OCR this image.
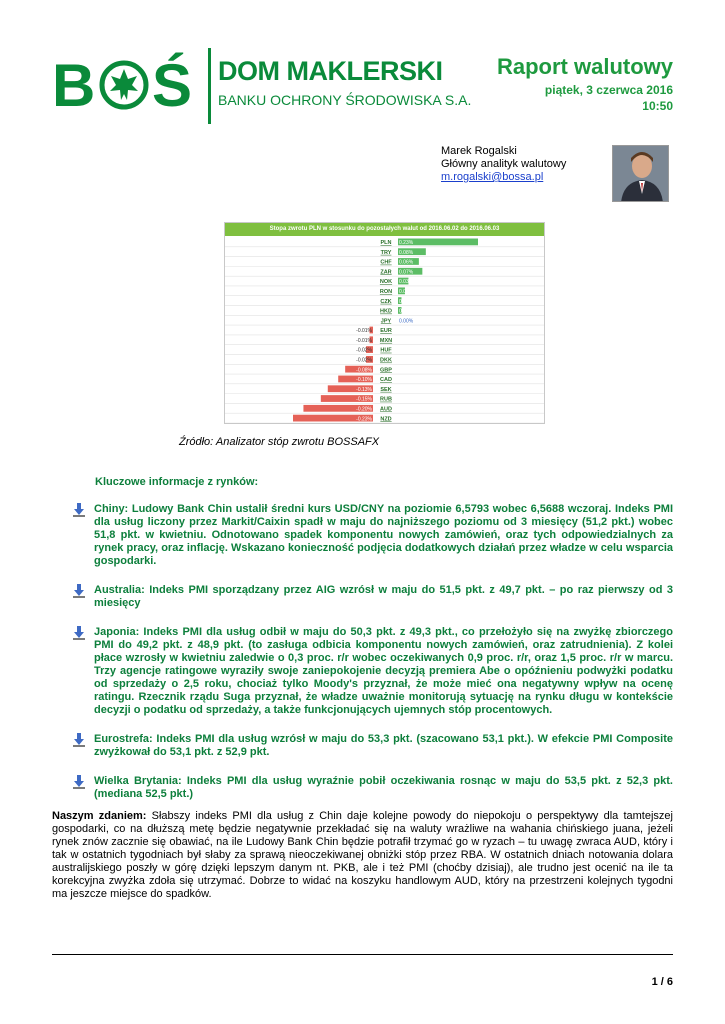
B Ś DOM MAKLERSKI
BANKU OCHRONY ŚRODOWISKA S.A.
Raport walutowy
piątek, 3 czerwca 2016
10:50
Marek Rogalski
Główny analityk walutowy
m.rogalski@bossa.pl
Stopa zwrotu PLN w stosunku do pozostałych walut od 2016.06.02 do 2016.06.03
PLN 0.23%
TRY 0.08%
CHF 0.06%
ZAR 0.07%
NOK 0.03%
RON 0.02%
CZK 0.01%
HKD 0.01%
JPY 0.00%
EUR
-0.01%
MXN
-0.01%
HUF
-0.02%
DKK
-0.02%
GBP
-0.08%
CAD
-0.10%
SEK
-0.13%
RUB
-0.15%
AUD
-0.20%
NZD
-0.23%
Źródło: Analizator stóp zwrotu BOSSAFX
Kluczowe informacje z rynków:
Chiny: Ludowy Bank Chin ustalił średni kurs USD/CNY na poziomie 6,5793 wobec 6,5688 wczoraj. Indeks PMI dla usług liczony przez Markit/Caixin spadł w maju do najniższego poziomu od 3 miesięcy (51,2 pkt.) wobec 51,8 pkt. w kwietniu. Odnotowano spadek komponentu nowych zamówień, oraz tych odpowiedzialnych za rynek pracy, oraz inflację. Wskazano konieczność podjęcia dodatkowych działań przez władze w celu wsparcia gospodarki.
Australia: Indeks PMI sporządzany przez AIG wzrósł w maju do 51,5 pkt. z 49,7 pkt. – po raz pierwszy od 3 miesięcy
Japonia: Indeks PMI dla usług odbił w maju do 50,3 pkt. z 49,3 pkt., co przełożyło się na zwyżkę zbiorczego PMI do 49,2 pkt. z 48,9 pkt. (to zasługa odbicia komponentu nowych zamówień, oraz zatrudnienia). Z kolei płace wzrosły w kwietniu zaledwie o 0,3 proc. r/r wobec oczekiwanych 0,9 proc. r/r, oraz 1,5 proc. r/r w marcu. Trzy agencje ratingowe wyraziły swoje zaniepokojenie decyzją premiera Abe o opóźnieniu podwyżki podatku od sprzedaży o 2,5 roku, chociaż tylko Moody's przyznał, że może mieć ona negatywny wpływ na ocenę ratingu. Rzecznik rządu Suga przyznał, że władze uważnie monitorują sytuację na rynku długu w kontekście decyzji o podatku od sprzedaży, a także funkcjonujących ujemnych stóp procentowych.
Eurostrefa: Indeks PMI dla usług wzrósł w maju do 53,3 pkt. (szacowano 53,1 pkt.). W efekcie PMI Composite zwyżkował do 53,1 pkt. z 52,9 pkt.
Wielka Brytania: Indeks PMI dla usług wyraźnie pobił oczekiwania rosnąc w maju do 53,5 pkt. z 52,3 pkt. (mediana 52,5 pkt.)
Naszym zdaniem: Słabszy indeks PMI dla usług z Chin daje kolejne powody do niepokoju o perspektywy dla tamtejszej gospodarki, co na dłuższą metę będzie negatywnie przekładać się na waluty wrażliwe na wahania chińskiego juana, jeżeli rynek znów zacznie się obawiać, na ile Ludowy Bank Chin będzie potrafił trzymać go w ryzach – tu uwagę zwraca AUD, który i tak w ostatnich tygodniach był słaby za sprawą nieoczekiwanej obniżki stóp przez RBA. W ostatnich dniach notowania dolara australijskiego poszły w górę dzięki lepszym danym nt. PKB, ale i też PMI (choćby dzisiaj), ale trudno jest ocenić na ile ta korekcyjna zwyżka zdoła się utrzymać. Dobrze to widać na koszyku handlowym AUD, który na przestrzeni kolejnych tygodni ma jeszcze miejsce do spadków.
1 / 6
